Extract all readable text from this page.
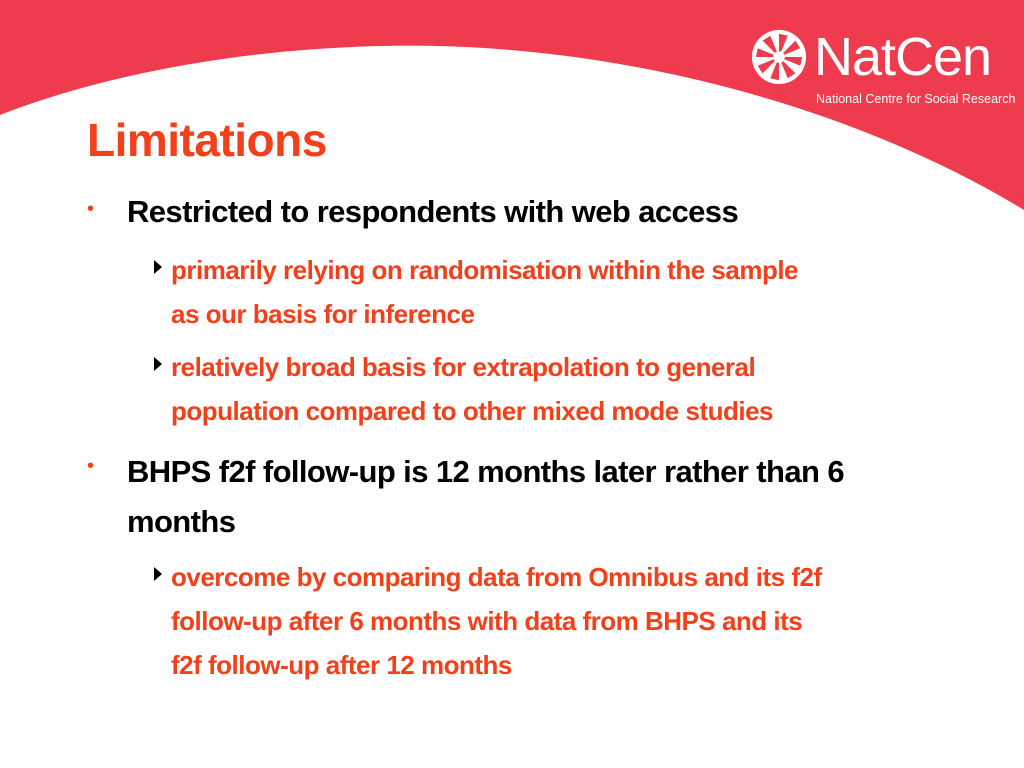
NatCen
National Centre for Social Research
Limitations
• Restricted to respondents with web access

primarily relying on randomisation within the sample
as our basis for inference

relatively broad basis for extrapolation to general
population compared to other mixed mode studies

• BHPS f2f follow-up is 12 months later rather than 6
months

overcome by comparing data from Omnibus and its f2f
follow-up after 6 months with data from BHPS and its
f2f follow-up after 12 months
